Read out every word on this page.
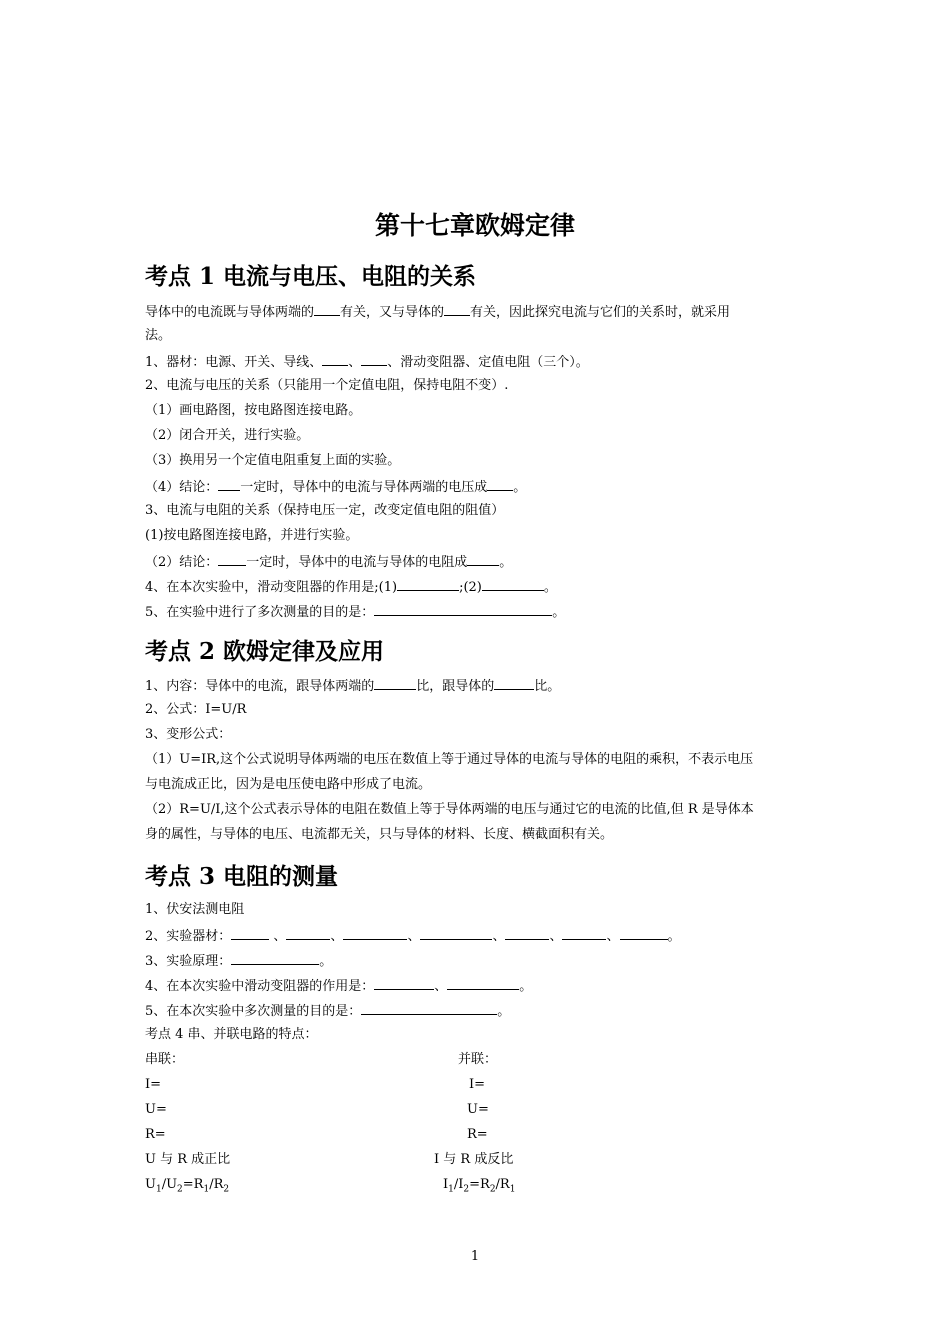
第十七章欧姆定律
考点 1 电流与电压、电阻的关系
导体中的电流既与导体两端的 有关，又与导体的 有关，因此探究电流与它们的关系时，就采用
法。
1、器材：电源、开关、导线、 、 、滑动变阻器、定值电阻（三个）。
2、电流与电压的关系（只能用一个定值电阻，保持电阻不变）.
（1）画电路图，按电路图连接电路。
（2）闭合开关，进行实验。
（3）换用另一个定值电阻重复上面的实验。
（4）结论： 一定时，导体中的电流与导体两端的电压成 。
3、电流与电阻的关系（保持电压一定，改变定值电阻的阻值）
(1)按电路图连接电路，并进行实验。
（2）结论： 一定时，导体中的电流与导体的电阻成 。
4、在本次实验中，滑动变阻器的作用是;(1)	;(2)	。
5、在实验中进行了多次测量的目的是：	。
考点 2 欧姆定律及应用
1、内容：导体中的电流，跟导体两端的	比，跟导体的	比。
2、公式：I=U/R
3、变形公式：
（1）U=IR,这个公式说明导体两端的电压在数值上等于通过导体的电流与导体的电阻的乘积，不表示电压
与电流成正比，因为是电压使电路中形成了电流。
（2）R=U/I,这个公式表示导体的电阻在数值上等于导体两端的电压与通过它的电流的比值,但 R 是导体本
身的属性，与导体的电压、电流都无关，只与导体的材料、长度、横截面积有关。
考点 3 电阻的测量
1、伏安法测电阻
2、实验器材：	、	、	、	、	、	、	。
3、实验原理：	。
4、在本次实验中滑动变阻器的作用是：	、	。
5、在本次实验中多次测量的目的是：	。
考点 4 串、并联电路的特点：
串联：	并联：
I=	I=
U=	U=
R=	R=
U 与 R 成正比	I 与 R 成反比
$U_1/U_2=R_1/R_2$	$I_1/I_2=R_2/R_1$
1
